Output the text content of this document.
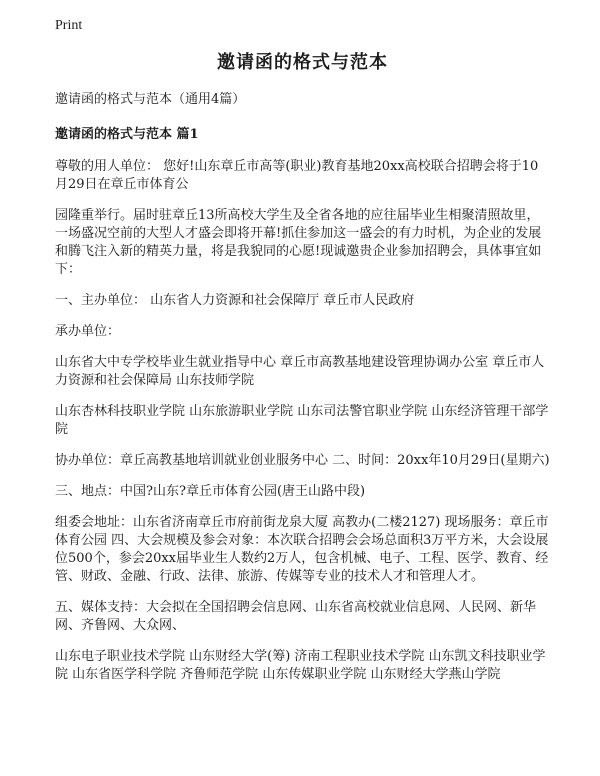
Print
邀请函的格式与范本
邀请函的格式与范本（通用4篇）
邀请函的格式与范本 篇1

尊敬的用人单位： 您好!山东章丘市高等(职业)教育基地20xx高校联合招聘会将于10月29日在章丘市体育公

园隆重举行。届时驻章丘13所高校大学生及全省各地的应往届毕业生相聚清照故里，一场盛况空前的大型人才盛会即将开幕!抓住参加这一盛会的有力时机，为企业的发展和腾飞注入新的精英力量，将是我貌同的心愿!现诚邀贵企业参加招聘会，具体事宜如下：

一、主办单位： 山东省人力资源和社会保障厅 章丘市人民政府

承办单位：

山东省大中专学校毕业生就业指导中心 章丘市高教基地建设管理协调办公室 章丘市人力资源和社会保障局 山东技师学院

山东杏林科技职业学院 山东旅游职业学院 山东司法警官职业学院 山东经济管理干部学院

协办单位：章丘高教基地培训就业创业服务中心 二、时间：20xx年10月29日(星期六)

三、地点：中国?山东?章丘市体育公园(唐王山路中段)

组委会地址：山东省济南章丘市府前街龙泉大厦 高教办(二楼2127) 现场服务：章丘市体育公园 四、大会规模及参会对象：本次联合招聘会会场总面积3万平方米，大会设展位500个，参会20xx届毕业生人数约2万人，包含机械、电子、工程、医学、教育、经管、财政、金融、行政、法律、旅游、传媒等专业的技术人才和管理人才。

五、媒体支持：大会拟在全国招聘会信息网、山东省高校就业信息网、人民网、新华网、齐鲁网、大众网、

山东电子职业技术学院 山东财经大学(筹) 济南工程职业技术学院 山东凯文科技职业学院 山东省医学科学院 齐鲁师范学院 山东传媒职业学院 山东财经大学燕山学院
